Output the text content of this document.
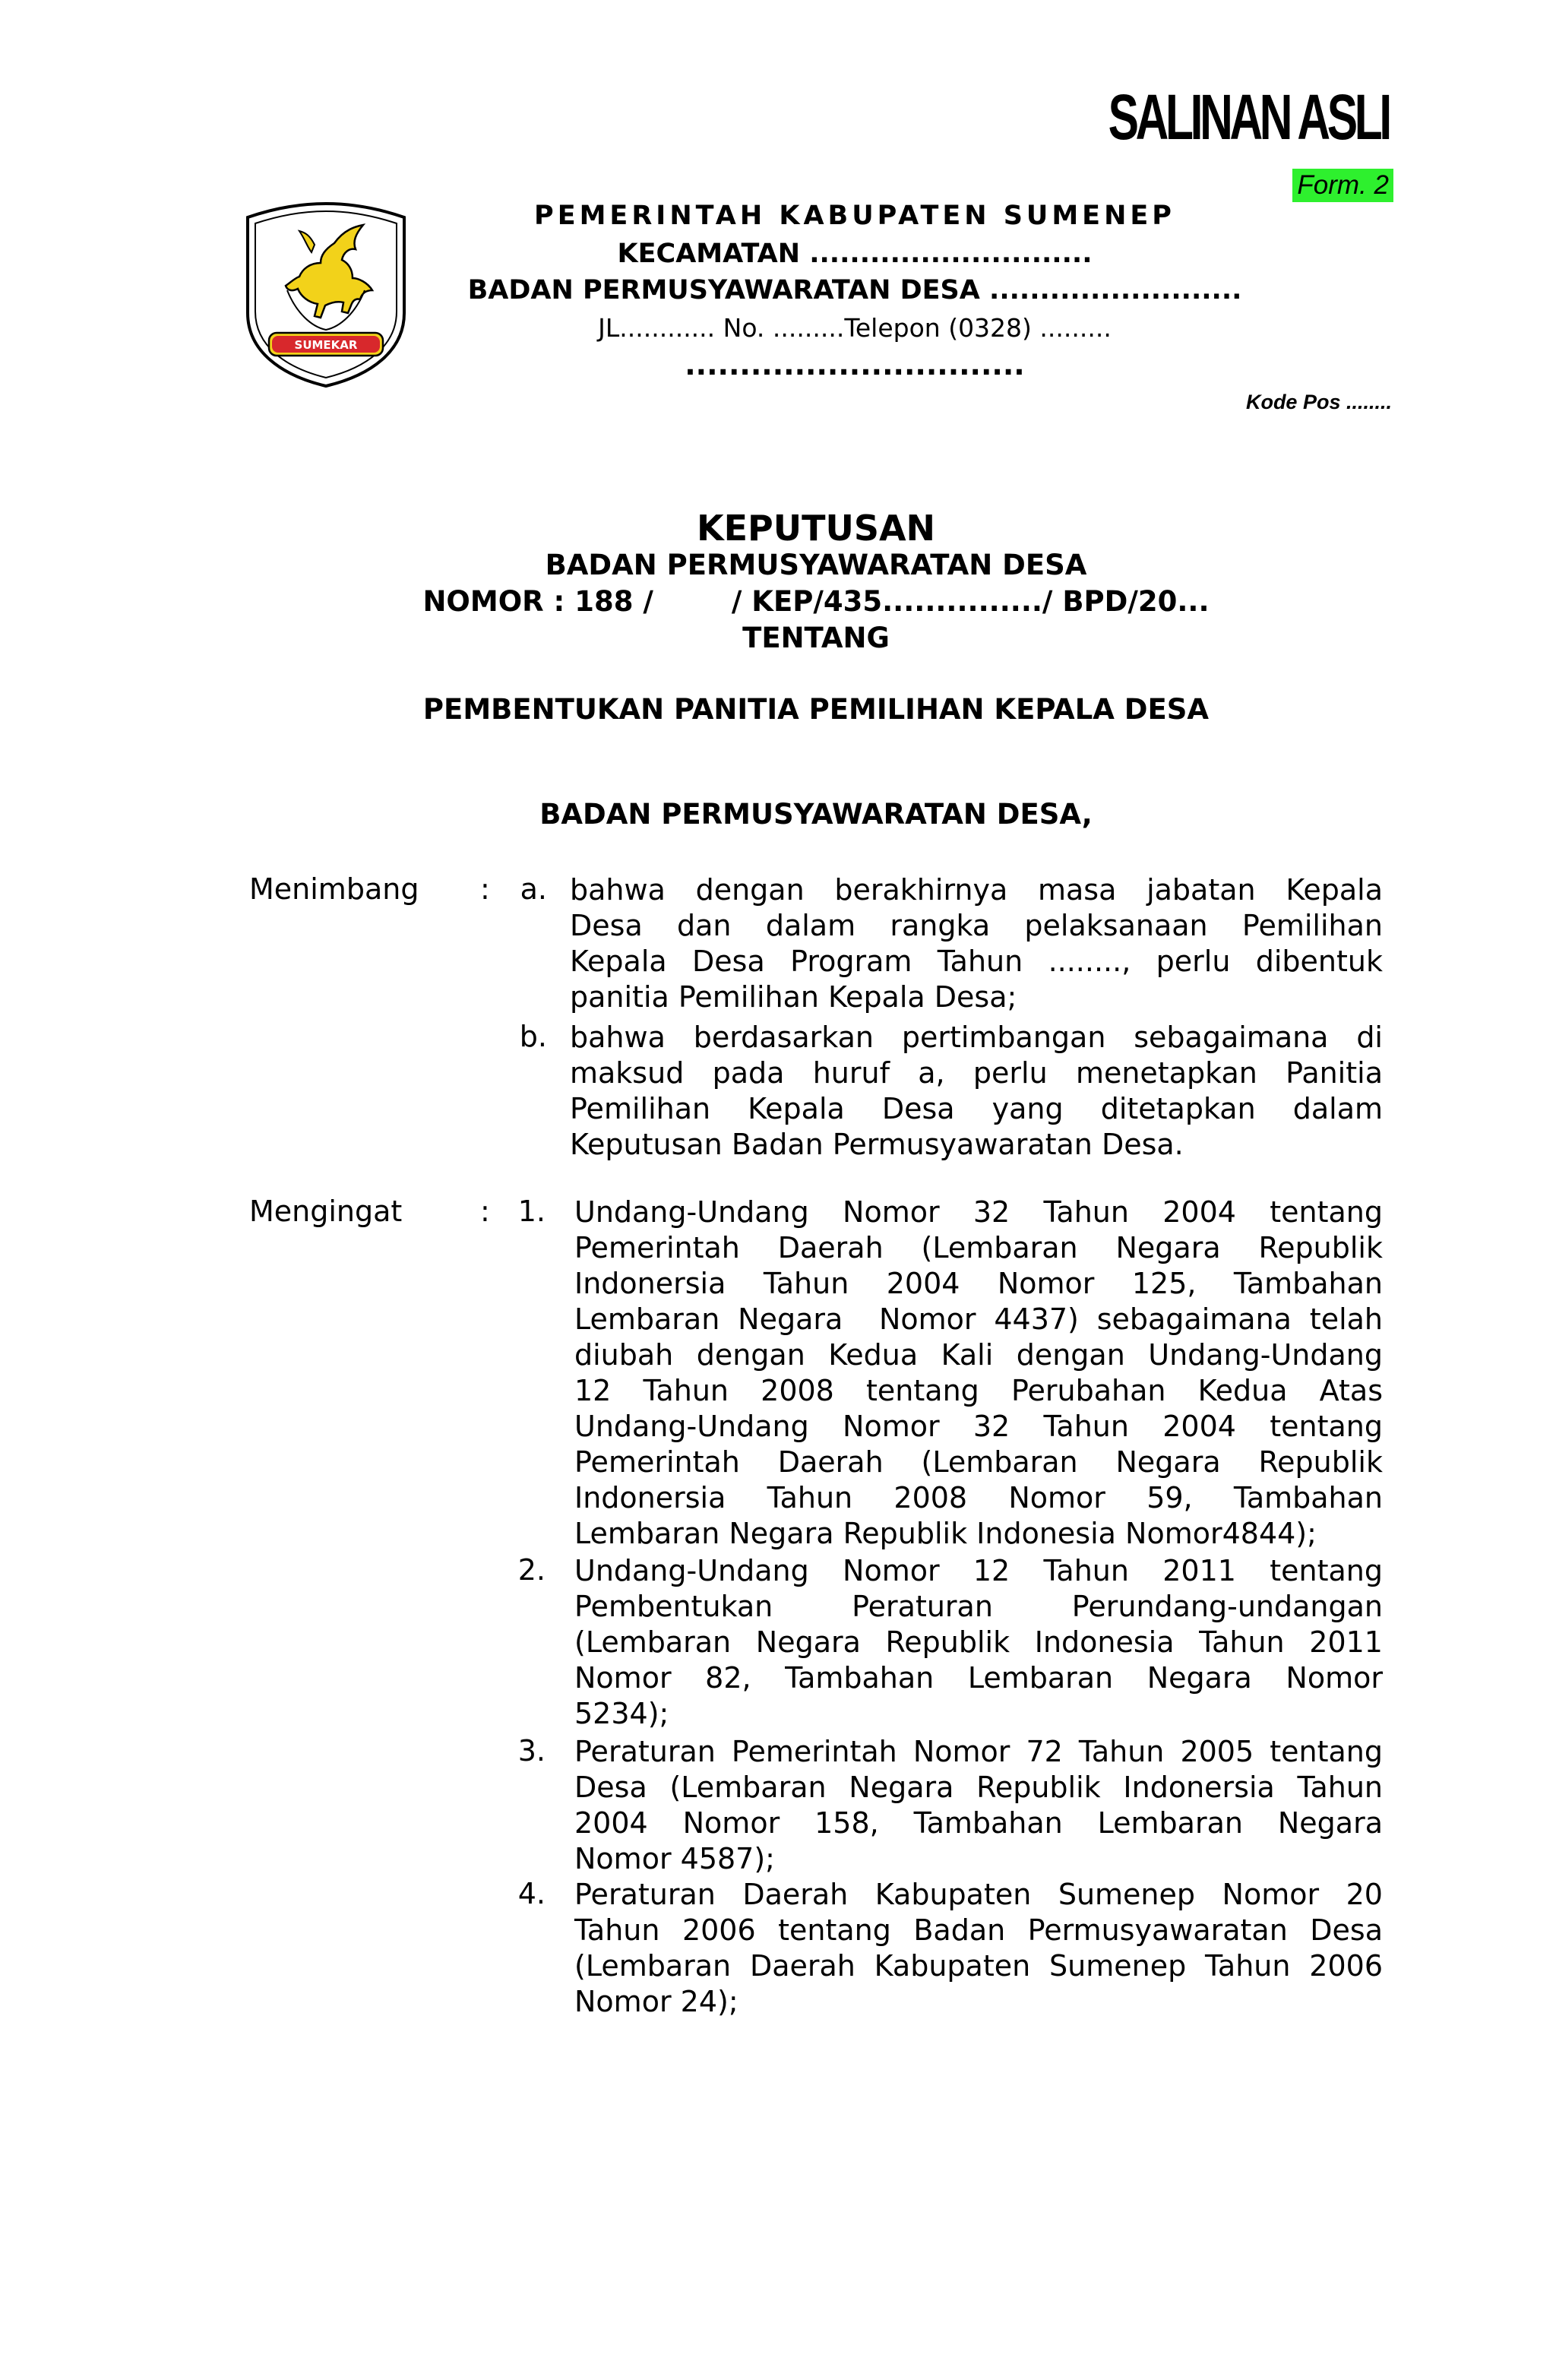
SALINAN ASLI
Form. 2
SUMEKAR
PEMERINTAH KABUPATEN SUMENEP
KECAMATAN ............................
BADAN PERMUSYAWARATAN DESA .........................
JL............ No. .........Telepon (0328) .........
...............................
Kode Pos ........
KEPUTUSAN
BADAN PERMUSYAWARATAN DESA
NOMOR : 188 /        / KEP/435.............../ BPD/20...
TENTANG
PEMBENTUKAN PANITIA PEMILIHAN KEPALA DESA
BADAN PERMUSYAWARATAN DESA,
Menimbang :	a. bahwa dengan berakhirnya masa jabatan Kepala
Desa dan dalam rangka pelaksanaan Pemilihan
Kepala Desa Program Tahun ........, perlu dibentuk
panitia Pemilihan Kepala Desa;
b. bahwa berdasarkan pertimbangan sebagaimana di
maksud pada huruf a, perlu menetapkan Panitia
Pemilihan Kepala Desa yang ditetapkan dalam
Keputusan Badan Permusyawaratan Desa.
Mengingat	: 1. Undang-Undang Nomor 32 Tahun 2004 tentang
Pemerintah Daerah (Lembaran Negara Republik
Indonersia Tahun 2004 Nomor 125, Tambahan
Lembaran Negara  Nomor 4437) sebagaimana telah
diubah dengan Kedua Kali dengan Undang-Undang
12 Tahun 2008 tentang Perubahan Kedua Atas
Undang-Undang Nomor 32 Tahun 2004 tentang
Pemerintah Daerah (Lembaran Negara Republik
Indonersia Tahun 2008 Nomor 59, Tambahan
Lembaran Negara Republik Indonesia Nomor4844);
2. Undang-Undang Nomor 12 Tahun 2011 tentang
Pembentukan Peraturan Perundang-undangan
(Lembaran Negara Republik Indonesia Tahun 2011
Nomor 82, Tambahan Lembaran Negara Nomor
5234);
3. Peraturan Pemerintah Nomor 72 Tahun 2005 tentang
Desa (Lembaran Negara Republik Indonersia Tahun
2004 Nomor 158, Tambahan Lembaran Negara
Nomor 4587);
4. Peraturan Daerah Kabupaten Sumenep Nomor 20
Tahun 2006 tentang Badan Permusyawaratan Desa
(Lembaran Daerah Kabupaten Sumenep Tahun 2006
Nomor 24);
